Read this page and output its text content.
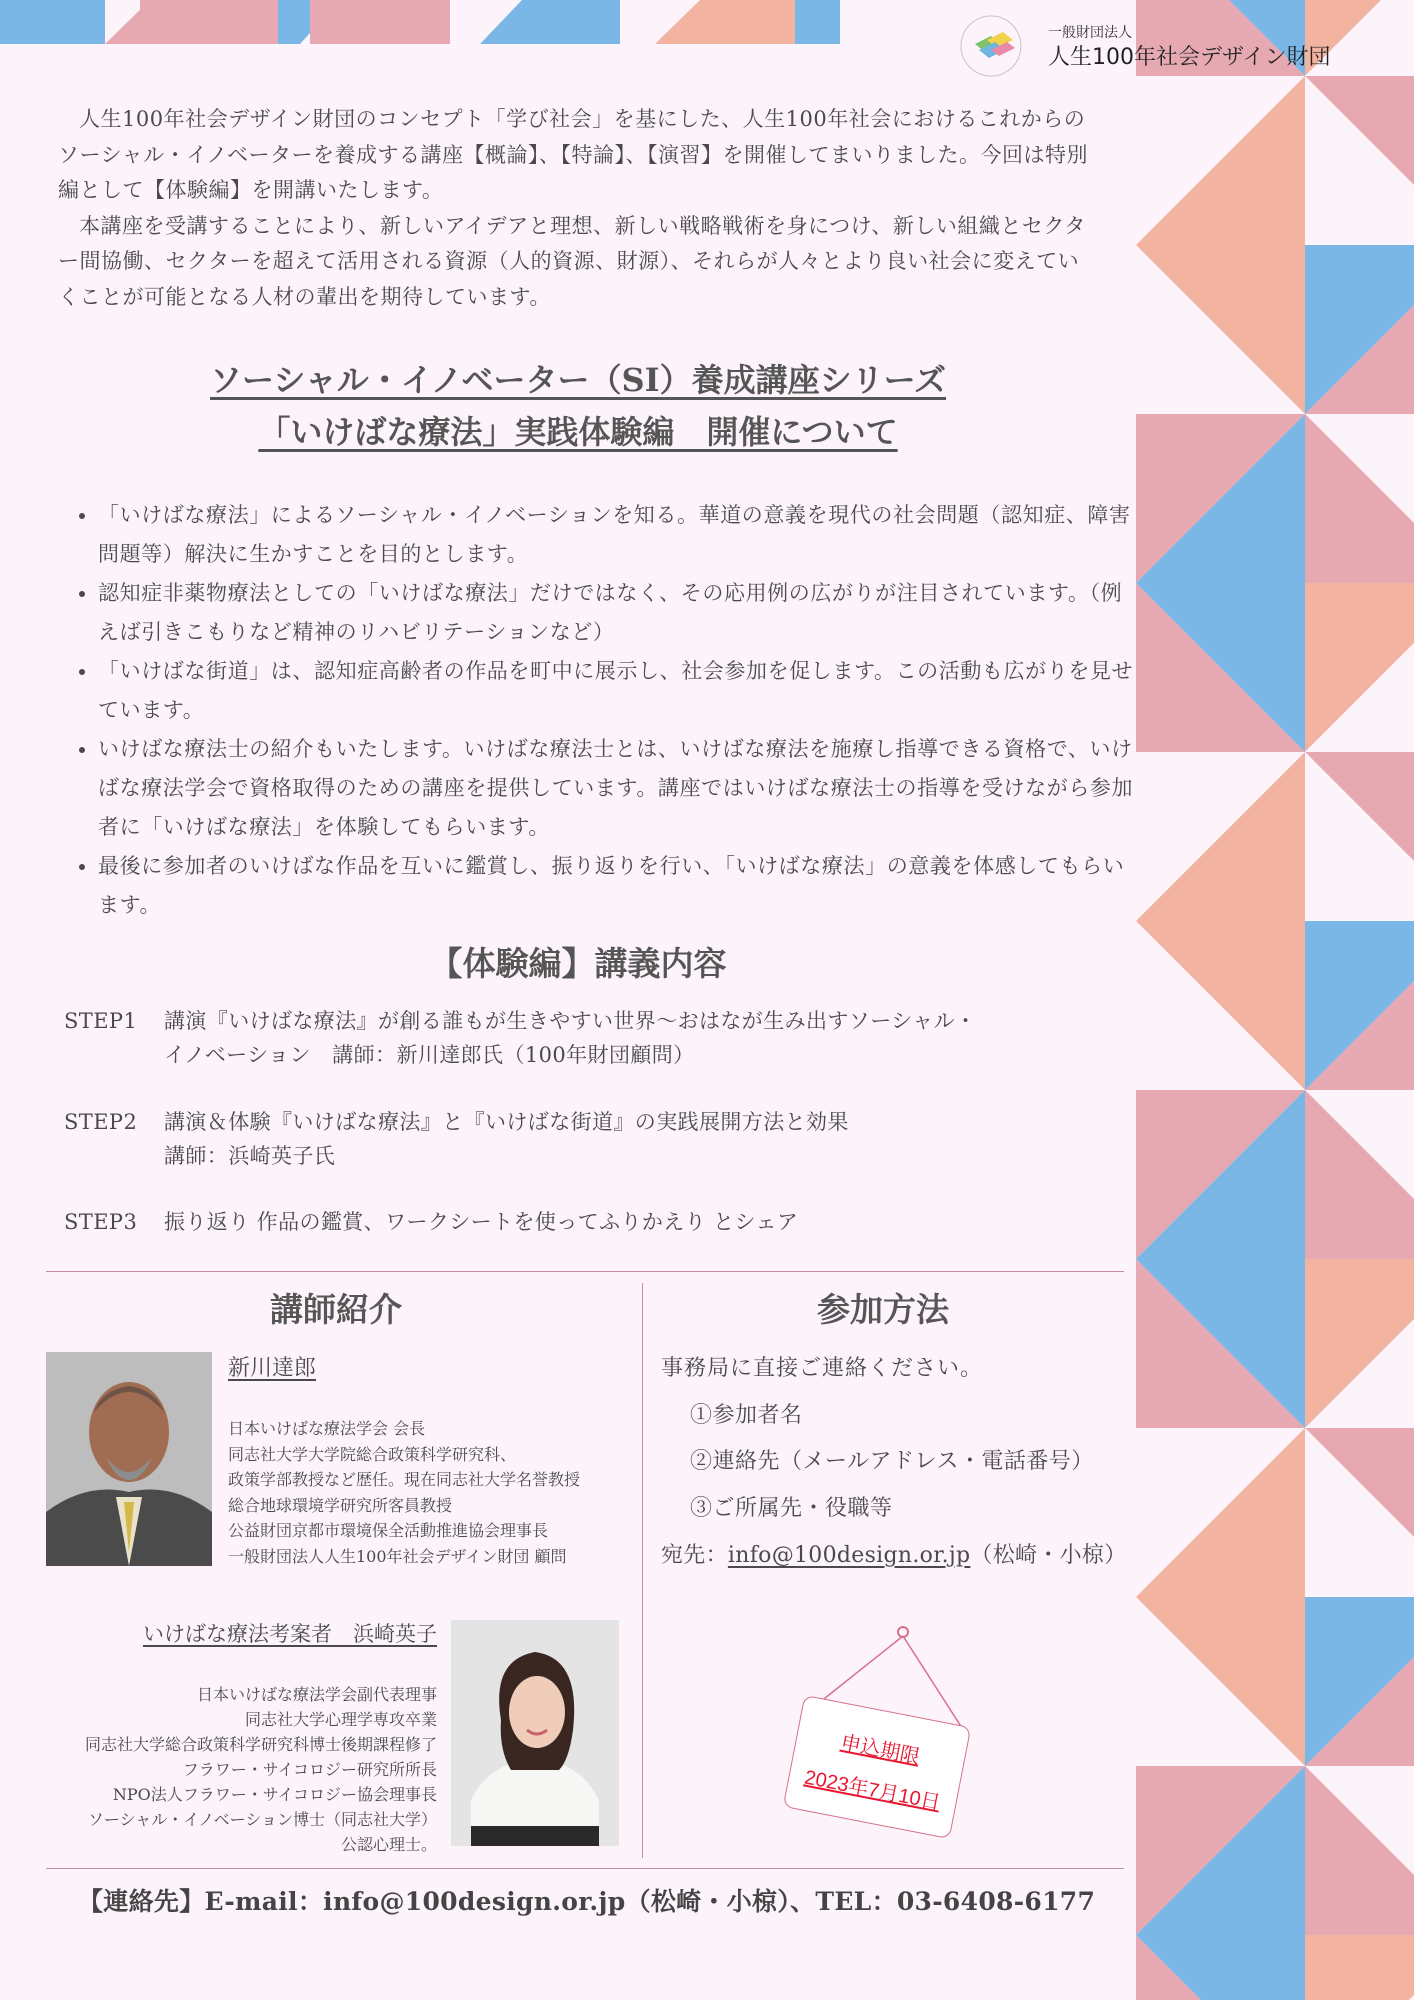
一般財団法人
人生100年社会デザイン財団

人生100年社会デザイン財団のコンセプト「学び社会」を基にした、人生100年社会におけるこれからのソーシャル・イノベーターを養成する講座【概論】、【特論】、【演習】を開催してまいりました。今回は特別編として【体験編】を開講いたします。

本講座を受講することにより、新しいアイデアと理想、新しい戦略戦術を身につけ、新しい組織とセクター間協働、セクターを超えて活用される資源（人的資源、財源）、それらが人々とより良い社会に変えていくことが可能となる人材の輩出を期待しています。

ソーシャル・イノベーター（SI）養成講座シリーズ
「いけばな療法」実践体験編　開催について
• 「いけばな療法」によるソーシャル・イノベーションを知る。華道の意義を現代の社会問題（認知症、障害問題等）解決に生かすことを目的とします。
• 認知症非薬物療法としての「いけばな療法」だけではなく、その応用例の広がりが注目されています。（例えば引きこもりなど精神のリハビリテーションなど）
• 「いけばな街道」は、認知症高齢者の作品を町中に展示し、社会参加を促します。この活動も広がりを見せています。
• いけばな療法士の紹介もいたします。いけばな療法士とは、いけばな療法を施療し指導できる資格で、いけばな療法学会で資格取得のための講座を提供しています。講座ではいけばな療法士の指導を受けながら参加者に「いけばな療法」を体験してもらいます。
• 最後に参加者のいけばな作品を互いに鑑賞し、振り返りを行い、「いけばな療法」の意義を体感してもらいます。
【体験編】講義内容
STEP1 講演『いけばな療法』が創る誰もが生きやすい世界～おはなが生み出すソーシャル・
イノベーション　講師：新川達郎氏（100年財団顧問）
STEP2 講演＆体験『いけばな療法』と『いけばな街道』の実践展開方法と効果
講師：浜崎英子氏
STEP3 振り返り 作品の鑑賞、ワークシートを使ってふりかえり とシェア
講師紹介
新川達郎
日本いけばな療法学会 会長
同志社大学大学院総合政策科学研究科、
政策学部教授など歴任。現在同志社大学名誉教授
総合地球環境学研究所客員教授
公益財団京都市環境保全活動推進協会理事長
一般財団法人人生100年社会デザイン財団 顧問
いけばな療法考案者　浜崎英子
日本いけばな療法学会副代表理事
同志社大学心理学専攻卒業
同志社大学総合政策科学研究科博士後期課程修了
フラワー・サイコロジー研究所所長
NPO法人フラワー・サイコロジー協会理事長
ソーシャル・イノベーション博士（同志社大学）
公認心理士。
参加方法
事務局に直接ご連絡ください。
①参加者名
②連絡先（メールアドレス・電話番号）
③ご所属先・役職等
宛先：info@100design.or.jp（松崎・小椋）
申込期限
2023年7月10日
【連絡先】E-mail：info@100design.or.jp（松崎・小椋）、TEL：03-6408-6177
